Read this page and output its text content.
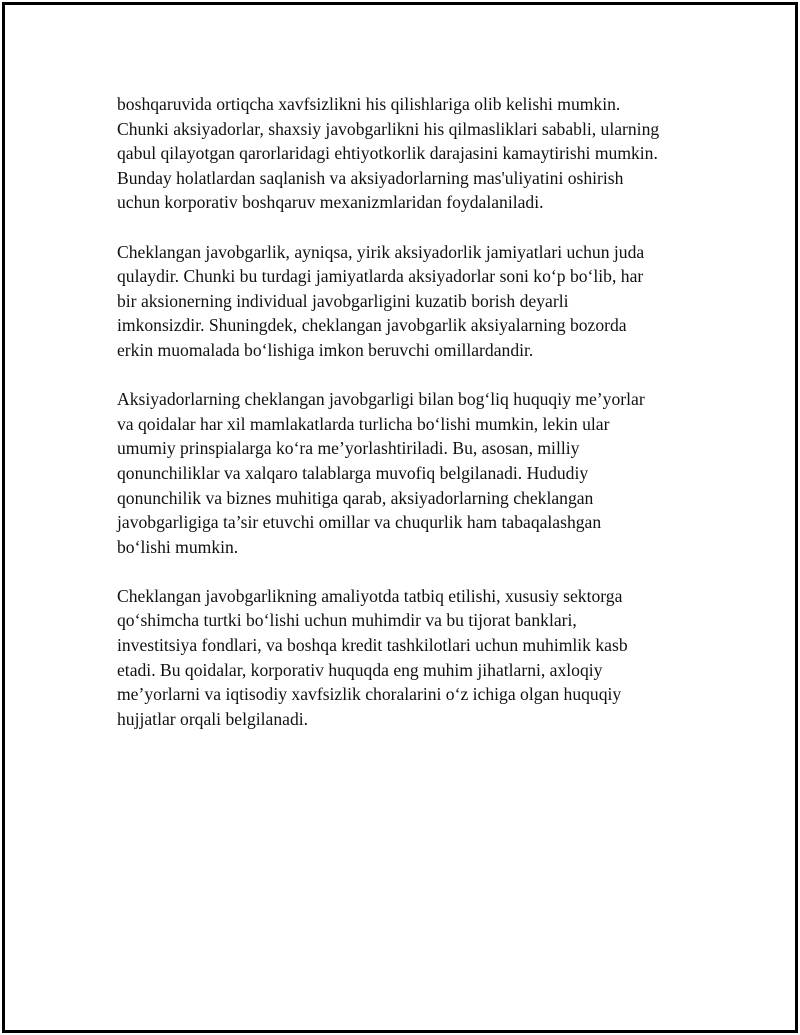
boshqaruvida ortiqcha xavfsizlikni his qilishlariga olib kelishi mumkin.
Chunki aksiyadorlar, shaxsiy javobgarlikni his qilmasliklari sababli, ularning
qabul qilayotgan qarorlaridagi ehtiyotkorlik darajasini kamaytirishi mumkin.
Bunday holatlardan saqlanish va aksiyadorlarning mas'uliyatini oshirish
uchun korporativ boshqaruv mexanizmlaridan foydalaniladi.

Cheklangan javobgarlik, ayniqsa, yirik aksiyadorlik jamiyatlari uchun juda
qulaydir. Chunki bu turdagi jamiyatlarda aksiyadorlar soni ko‘p bo‘lib, har
bir aksionerning individual javobgarligini kuzatib borish deyarli
imkonsizdir. Shuningdek, cheklangan javobgarlik aksiyalarning bozorda
erkin muomalada bo‘lishiga imkon beruvchi omillardandir.

Aksiyadorlarning cheklangan javobgarligi bilan bog‘liq huquqiy me’yorlar
va qoidalar har xil mamlakatlarda turlicha bo‘lishi mumkin, lekin ular
umumiy prinspialarga ko‘ra me’yorlashtiriladi. Bu, asosan, milliy
qonunchiliklar va xalqaro talablarga muvofiq belgilanadi. Hududiy
qonunchilik va biznes muhitiga qarab, aksiyadorlarning cheklangan
javobgarligiga ta’sir etuvchi omillar va chuqurlik ham tabaqalashgan
bo‘lishi mumkin.

Cheklangan javobgarlikning amaliyotda tatbiq etilishi, xususiy sektorga
qo‘shimcha turtki bo‘lishi uchun muhimdir va bu tijorat banklari,
investitsiya fondlari, va boshqa kredit tashkilotlari uchun muhimlik kasb
etadi. Bu qoidalar, korporativ huquqda eng muhim jihatlarni, axloqiy
me’yorlarni va iqtisodiy xavfsizlik choralarini o‘z ichiga olgan huquqiy
hujjatlar orqali belgilanadi.
